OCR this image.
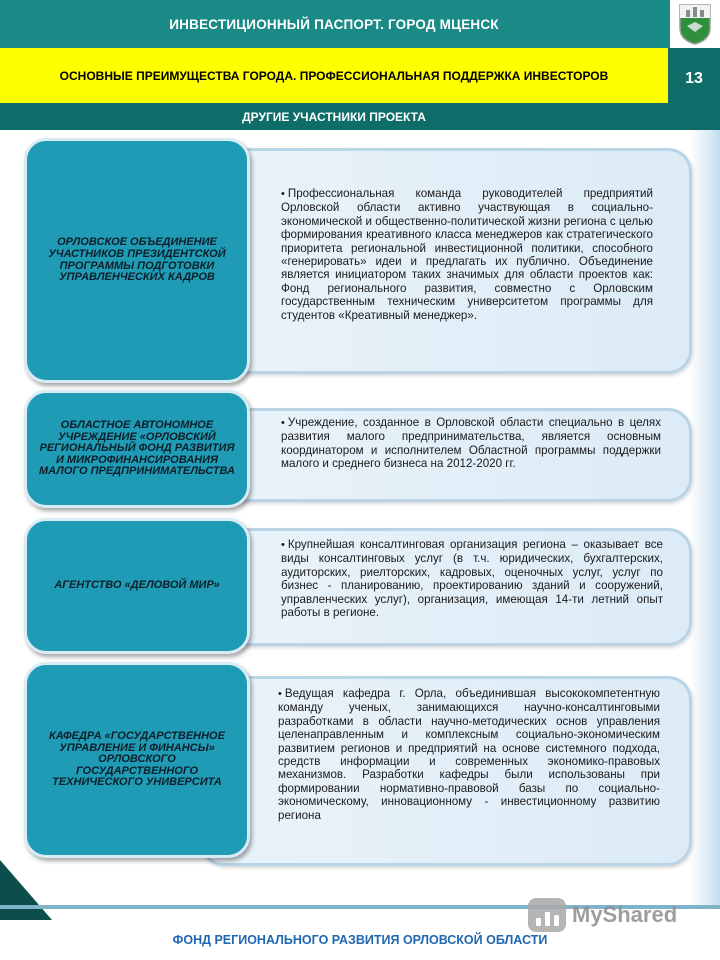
ИНВЕСТИЦИОННЫЙ ПАСПОРТ. ГОРОД МЦЕНСК
ОСНОВНЫЕ ПРЕИМУЩЕСТВА ГОРОДА. ПРОФЕССИОНАЛЬНАЯ ПОДДЕРЖКА ИНВЕСТОРОВ	13
ДРУГИЕ УЧАСТНИКИ ПРОЕКТА
• Профессиональная команда руководителей предприятий Орловской области активно участвующая в социально-экономической и общественно-политической жизни региона с целью формирования креативного класса менеджеров как стратегического приоритета региональной инвестиционной политики, способного «генерировать» идеи и предлагать их публично. Объединение является инициатором таких значимых для области проектов как: Фонд регионального развития, совместно с Орловским государственным техническим университетом программы для студентов «Креативный менеджер».
ОРЛОВСКОЕ ОБЪЕДИНЕНИЕ УЧАСТНИКОВ ПРЕЗИДЕНТСКОЙ ПРОГРАММЫ ПОДГОТОВКИ УПРАВЛЕНЧЕСКИХ КАДРОВ
• Учреждение, созданное в Орловской области специально в целях развития малого предпринимательства, является основным координатором и исполнителем Областной программы поддержки малого и среднего бизнеса на 2012-2020 гг.
ОБЛАСТНОЕ АВТОНОМНОЕ УЧРЕЖДЕНИЕ «ОРЛОВСКИЙ РЕГИОНАЛЬНЫЙ ФОНД РАЗВИТИЯ И МИКРОФИНАНСИРОВАНИЯ МАЛОГО ПРЕДПРИНИМАТЕЛЬСТВА
• Крупнейшая консалтинговая организация региона – оказывает все виды консалтинговых услуг (в т.ч. юридических, бухгалтерских, аудиторских, риелторских, кадровых, оценочных услуг, услуг по бизнес - планированию, проектированию зданий и сооружений, управленческих услуг), организация, имеющая 14-ти летний опыт работы в регионе.
АГЕНТСТВО «ДЕЛОВОЙ МИР»
• Ведущая кафедра г. Орла, объединившая высококомпетентную команду ученых, занимающихся научно-консалтинговыми разработками в области научно-методических основ управления целенаправленным и комплексным социально-экономическим развитием регионов и предприятий на основе системного подхода, средств информации и современных экономико-правовых механизмов. Разработки кафедры были использованы при формировании нормативно-правовой базы по социально-экономическому, инновационному - инвестиционному развитию региона
КАФЕДРА «ГОСУДАРСТВЕННОЕ УПРАВЛЕНИЕ И ФИНАНСЫ» ОРЛОВСКОГО ГОСУДАРСТВЕННОГО ТЕХНИЧЕСКОГО УНИВЕРСИТА
MyShared
ФОНД РЕГИОНАЛЬНОГО РАЗВИТИЯ ОРЛОВСКОЙ ОБЛАСТИ
